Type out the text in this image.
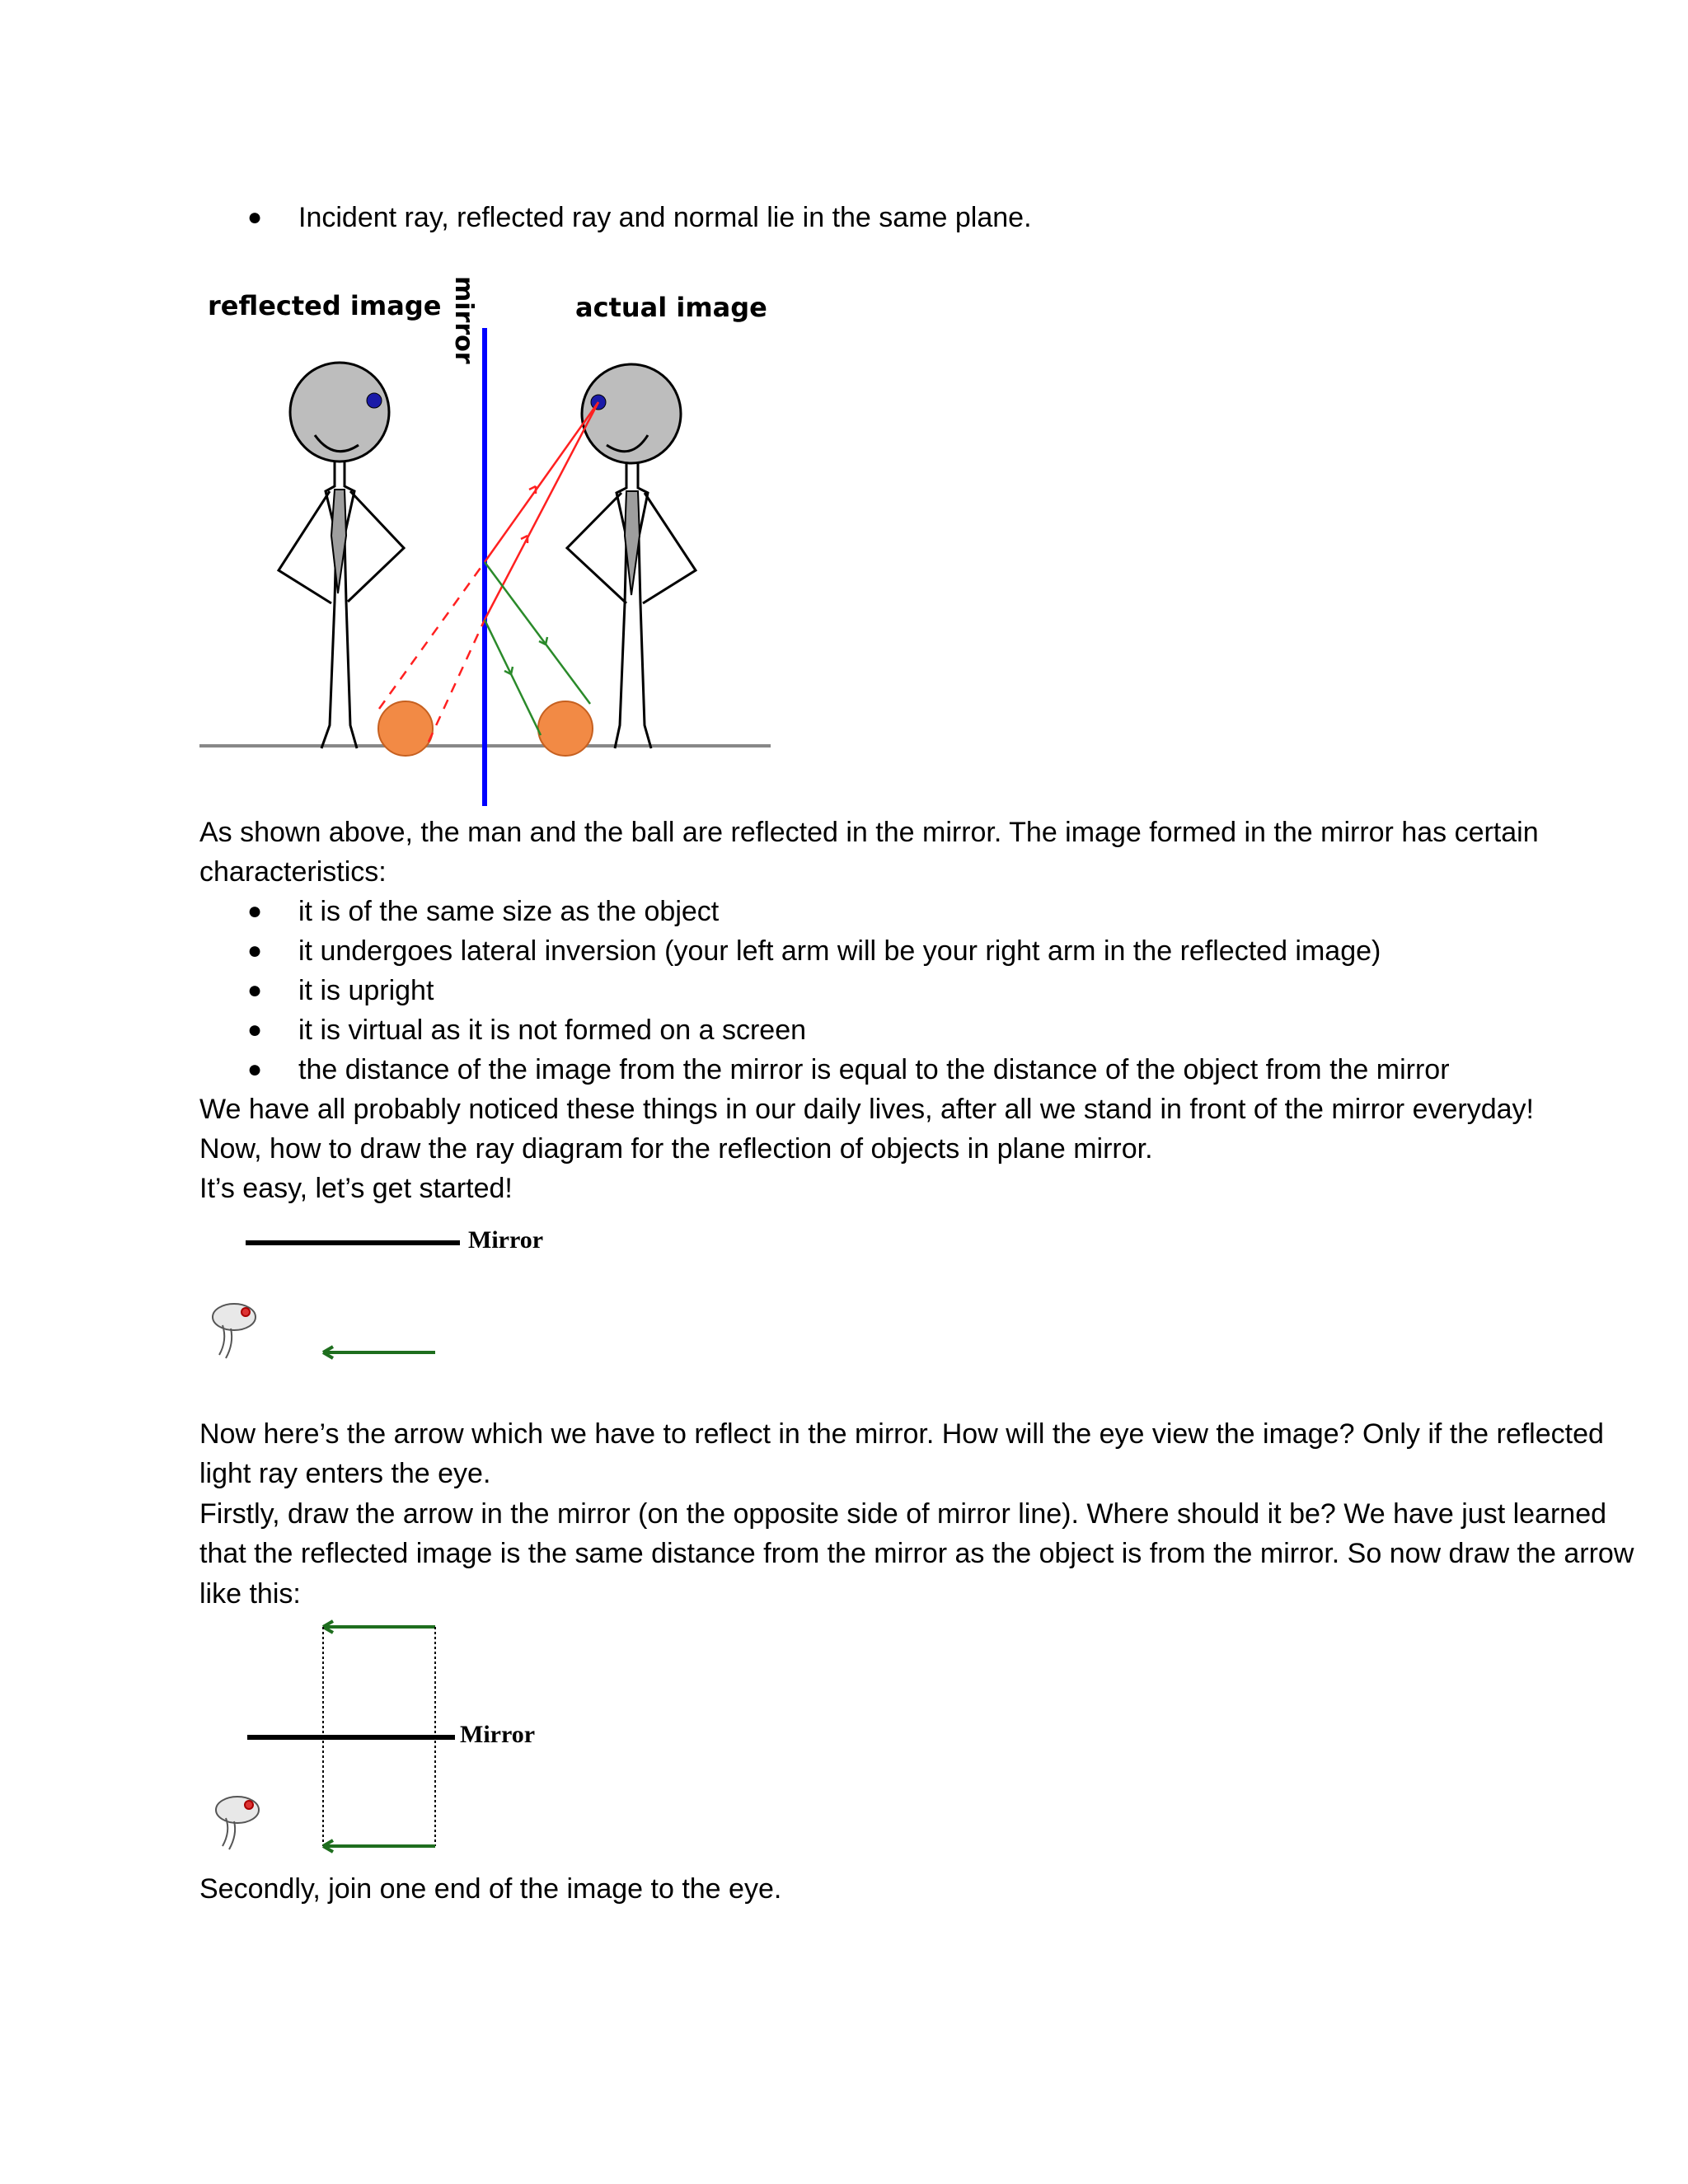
● Incident ray, reflected ray and normal lie in the same plane.
reflected image	actual image
mirror
As shown above, the man and the ball are reflected in the mirror. The image formed in the mirror has certain
characteristics:
● it is of the same size as the object
● it undergoes lateral inversion (your left arm will be your right arm in the reflected image)
● it is upright
● it is virtual as it is not formed on a screen
● the distance of the image from the mirror is equal to the distance of the object from the mirror
We have all probably noticed these things in our daily lives, after all we stand in front of the mirror everyday!
Now, how to draw the ray diagram for the reflection of objects in plane mirror.
It’s easy, let’s get started!
Mirror
Now here’s the arrow which we have to reflect in the mirror. How will the eye view the image? Only if the reflected
light ray enters the eye.
Firstly, draw the arrow in the mirror (on the opposite side of mirror line). Where should it be? We have just learned
that the reflected image is the same distance from the mirror as the object is from the mirror. So now draw the arrow
like this:
Mirror
Secondly, join one end of the image to the eye.
